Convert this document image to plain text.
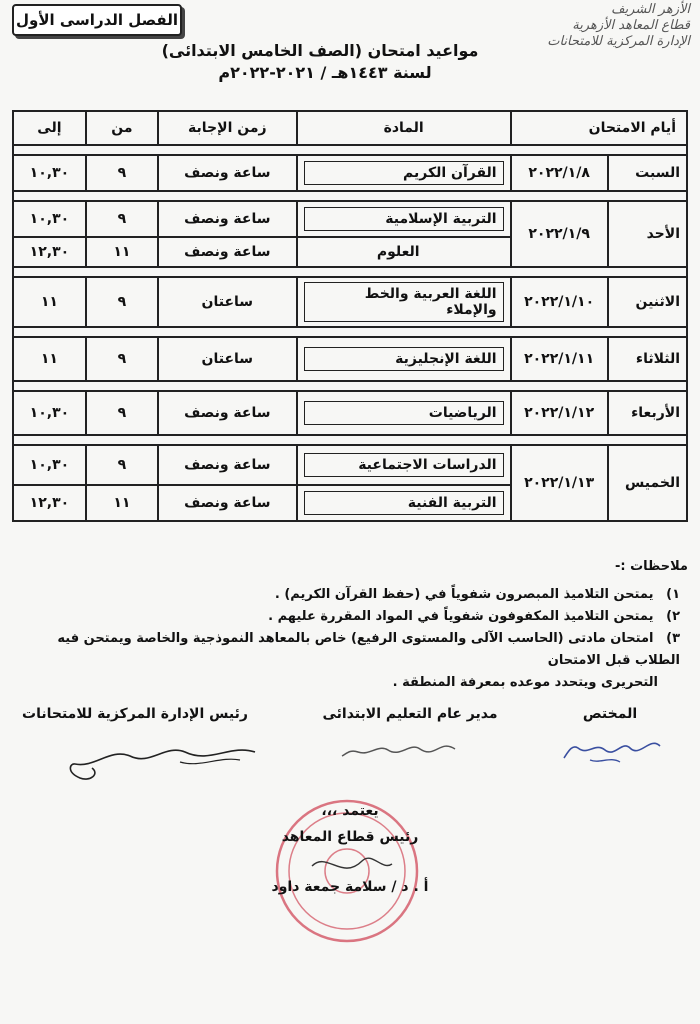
الأزهر الشريف
قطاع المعاهد الأزهرية
الإدارة المركزية للامتحانات
الفصل الدراسى الأول
مواعيد امتحان (الصف الخامس الابتدائى)
لسنة ١٤٤٣هـ / ٢٠٢١-٢٠٢٢م
أيام الامتحان		المادة	زمن الإجابة	من	إلى

السبت	٢٠٢٢/١/٨	القرآن الكريم	ساعة ونصف	٩	١٠,٣٠

الأحد	٢٠٢٢/١/٩	التربية الإسلامية	ساعة ونصف	٩	١٠,٣٠
		العلوم	ساعة ونصف	١١	١٢,٣٠

الاثنين	٢٠٢٢/١/١٠	اللغة العربية والخط والإملاء	ساعتان	٩	١١

الثلاثاء	٢٠٢٢/١/١١	اللغة الإنجليزية	ساعتان	٩	١١

الأربعاء	٢٠٢٢/١/١٢	الرياضيات	ساعة ونصف	٩	١٠,٣٠

الخميس	٢٠٢٢/١/١٣	الدراسات الاجتماعية	ساعة ونصف	٩	١٠,٣٠

		التربية الفنية	ساعة ونصف	١١	١٢,٣٠
ملاحظات :-
١) يمتحن التلاميذ المبصرون شفوياً في (حفظ القرآن الكريم) .
٢) يمتحن التلاميذ المكفوفون شفوياً في المواد المقررة عليهم .
٣) امتحان مادتى (الحاسب الآلى والمستوى الرفيع) خاص بالمعاهد النموذجية والخاصة ويمتحن فيه الطلاب قبل الامتحان
التحريرى ويتحدد موعده بمعرفة المنطقة .
المختص
مدير عام التعليم الابتدائى
رئيس الإدارة المركزية للامتحانات
يعتمد ،،،
رئيس قطاع المعاهد
أ . د / سلامة جمعة داود
